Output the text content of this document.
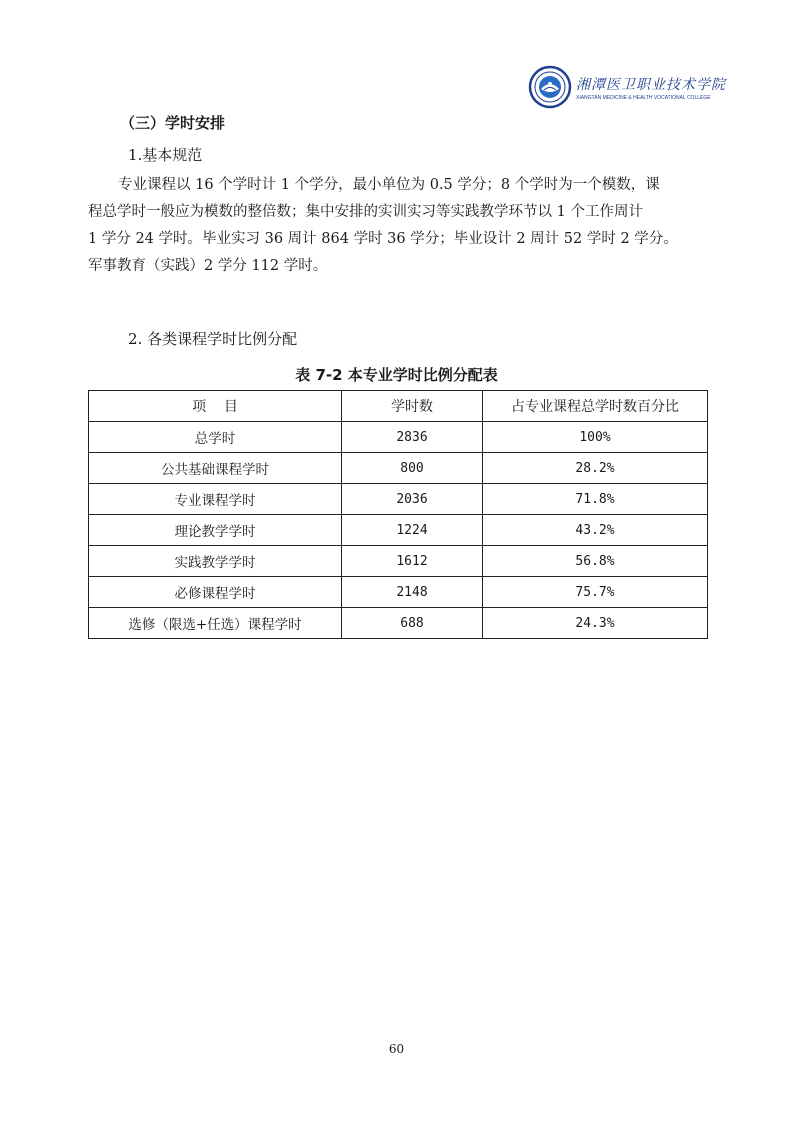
湘潭医卫职业技术学院
XIANGTAN MEDICINE & HEALTH VOCATIONAL COLLEGE
（三）学时安排
1.基本规范
专业课程以 16 个学时计 1 个学分，最小单位为 0.5 学分；8 个学时为一个模数，课
程总学时一般应为模数的整倍数；集中安排的实训实习等实践教学环节以 1 个工作周计
1 学分 24 学时。毕业实习 36 周计 864 学时 36 学分；毕业设计 2 周计 52 学时 2 学分。
军事教育（实践）2 学分 112 学时。
2. 各类课程学时比例分配
表 7-2 本专业学时比例分配表
项    目	学时数	占专业课程总学时数百分比
总学时	2836	100%
公共基础课程学时	800	28.2%
专业课程学时	2036	71.8%
理论教学学时	1224	43.2%
实践教学学时	1612	56.8%
必修课程学时	2148	75.7%
选修（限选+任选）课程学时	688	24.3%
60
